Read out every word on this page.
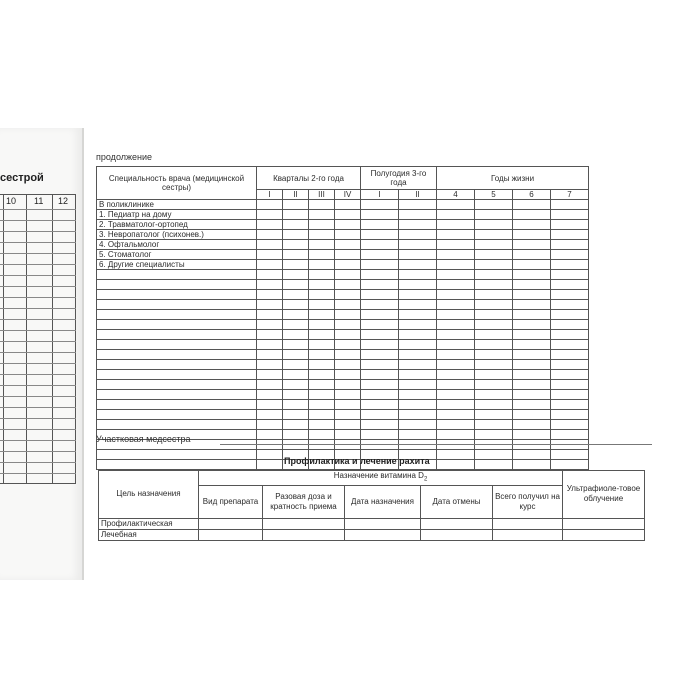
сестрой
10 11 12
продолжение
Специальность врача (медицинской сестры)	Кварталы 2-го года				Полугодия 3-го года		Годы жизни			
	I	II	III	IV	I	II	4	5	6	7
В поликлинике										
1. Педиатр на дому										
2. Травматолог-ортопед										
3. Невропатолог (психонев.)										
4. Офтальмолог										
5. Стоматолог										
6. Другие специалисты										

Участковая медсестра
Профилактика и лечение рахита
Цель назначения	Назначение витамина $D_2$					Ультрафиоле-товое облучение
	Вид препарата	Разовая доза и кратность приема	Дата назначения	Дата отмены	Всего получил на курс	
Профилактическая						
Лечебная						
